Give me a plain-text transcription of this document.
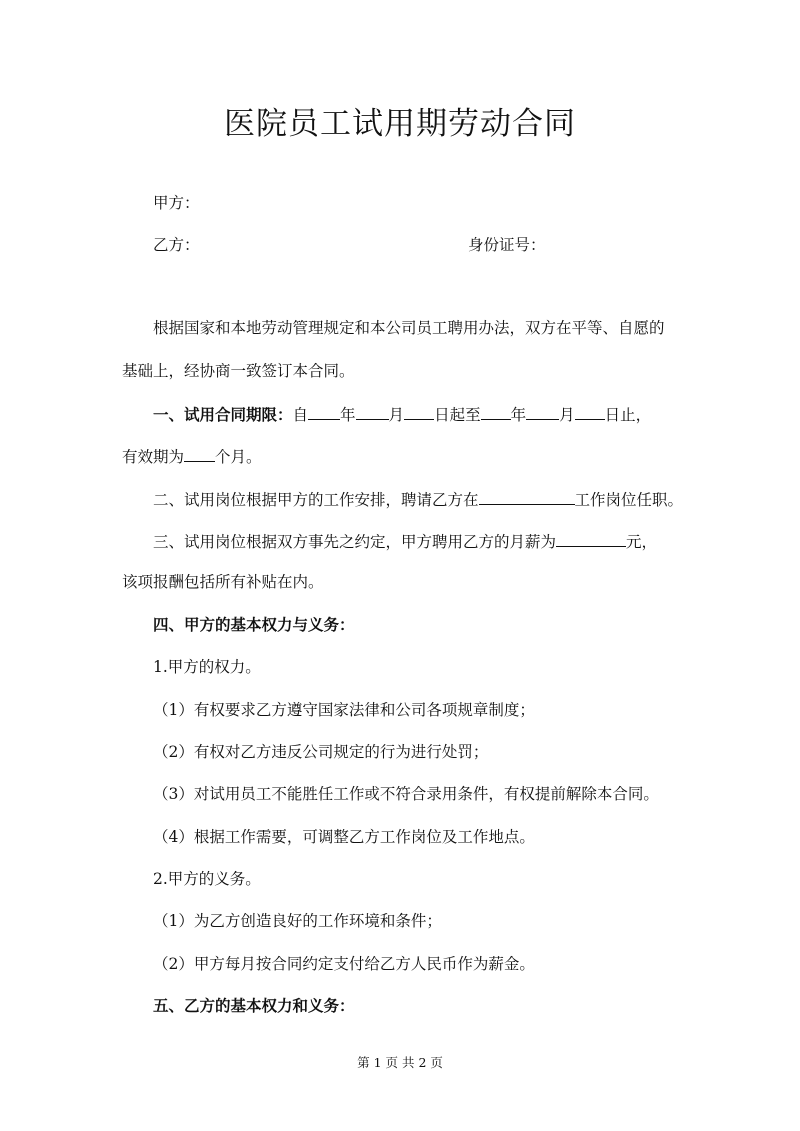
医院员工试用期劳动合同
甲方：
乙方：	身份证号：
根据国家和本地劳动管理规定和本公司员工聘用办法，双方在平等、自愿的
基础上，经协商一致签订本合同。
一、试用合同期限：自 年 月 日起至 年 月 日止，
有效期为 个月。
二、试用岗位根据甲方的工作安排，聘请乙方在	工作岗位任职。
三、试用岗位根据双方事先之约定，甲方聘用乙方的月薪为	元，
该项报酬包括所有补贴在内。
四、甲方的基本权力与义务：
1.甲方的权力。
（1）有权要求乙方遵守国家法律和公司各项规章制度；
（2）有权对乙方违反公司规定的行为进行处罚；
（3）对试用员工不能胜任工作或不符合录用条件，有权提前解除本合同。
（4）根据工作需要，可调整乙方工作岗位及工作地点。
2.甲方的义务。
（1）为乙方创造良好的工作环境和条件；
（2）甲方每月按合同约定支付给乙方人民币作为薪金。
五、乙方的基本权力和义务：
第 1 页 共 2 页
